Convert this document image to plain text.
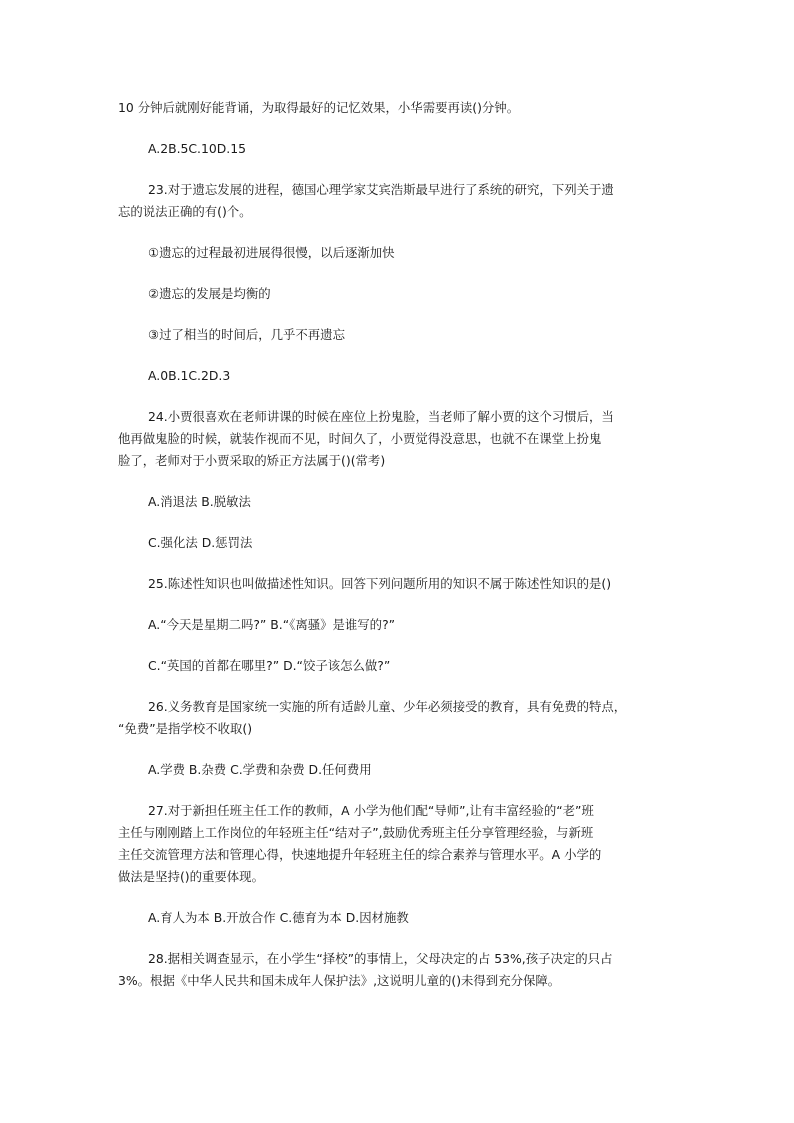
10 分钟后就刚好能背诵，为取得最好的记忆效果，小华需要再读()分钟。

A.2B.5C.10D.15

23.对于遗忘发展的进程，德国心理学家艾宾浩斯最早进行了系统的研究，下列关于遗

忘的说法正确的有()个。

①遗忘的过程最初进展得很慢，以后逐渐加快

②遗忘的发展是均衡的

③过了相当的时间后，几乎不再遗忘

A.0B.1C.2D.3

24.小贾很喜欢在老师讲课的时候在座位上扮鬼脸，当老师了解小贾的这个习惯后，当

他再做鬼脸的时候，就装作视而不见，时间久了，小贾觉得没意思，也就不在课堂上扮鬼

脸了，老师对于小贾采取的矫正方法属于()(常考)

A.消退法 B.脱敏法

C.强化法 D.惩罚法

25.陈述性知识也叫做描述性知识。回答下列问题所用的知识不属于陈述性知识的是()

A.“今天是星期二吗?” B.“《离骚》是谁写的?”

C.“英国的首都在哪里?” D.“饺子该怎么做?”

26.义务教育是国家统一实施的所有适龄儿童、少年必须接受的教育，具有免费的特点，

“免费”是指学校不收取()

A.学费 B.杂费 C.学费和杂费 D.任何费用

27.对于新担任班主任工作的教师，A 小学为他们配“导师”,让有丰富经验的“老”班

主任与刚刚踏上工作岗位的年轻班主任“结对子”,鼓励优秀班主任分享管理经验，与新班

主任交流管理方法和管理心得，快速地提升年轻班主任的综合素养与管理水平。A 小学的

做法是坚持()的重要体现。

A.育人为本 B.开放合作 C.德育为本 D.因材施教

28.据相关调查显示，在小学生“择校”的事情上，父母决定的占 53%,孩子决定的只占

3%。根据《中华人民共和国未成年人保护法》,这说明儿童的()未得到充分保障。
